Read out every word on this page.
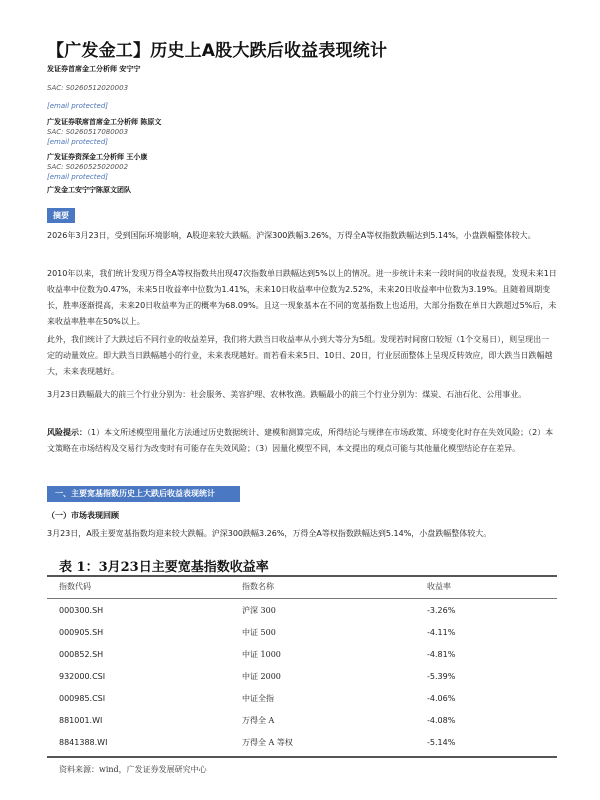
【广发金工】历史上A股大跌后收益表现统计
发证券首席金工分析师 安宁宁
SAC: S0260512020003
[email protected]
广发证券联席首席金工分析师 陈原文
SAC: S0260517080003
[email protected]
广发证券资深金工分析师 王小康
SAC: S0260525020002
[email protected]
广发金工安宁宁陈原文团队
摘要
2026年3月23日，受到国际环境影响，A股迎来较大跌幅。沪深300跌幅3.26%，万得全A等权指数跌幅达到5.14%，小盘跌幅整体较大。
2010年以来，我们统计发现万得全A等权指数共出现47次指数单日跌幅达到5%以上的情况。进一步统计未来一段时间的收益表现，发现未来1日收益率中位数为0.47%，未来5日收益率中位数为1.41%，未来10日收益率中位数为2.52%，未来20日收益率中位数为3.19%。且随着周期变长，胜率逐渐提高，未来20日收益率为正的概率为68.09%。且这一现象基本在不同的宽基指数上也适用，大部分指数在单日大跌超过5%后，未来收益率胜率在50%以上。
此外，我们统计了大跌过后不同行业的收益差异，我们将大跌当日收益率从小到大等分为5组。发现若时间窗口较短（1个交易日），则呈现出一定的动量效应。即大跌当日跌幅越小的行业，未来表现越好。而若看未来5日、10日、20日，行业层面整体上呈现反转效应，即大跌当日跌幅越大，未来表现越好。
3月23日跌幅最大的前三个行业分别为：社会服务、美容护理、农林牧渔。跌幅最小的前三个行业分别为：煤炭、石油石化、公用事业。
风险提示：（1）本文所述模型用量化方法通过历史数据统计、建模和测算完成，所得结论与规律在市场政策、环境变化时存在失效风险；（2）本文策略在市场结构及交易行为改变时有可能存在失效风险；（3）因量化模型不同，本文提出的观点可能与其他量化模型结论存在差异。
一、主要宽基指数历史上大跌后收益表现统计
（一）市场表现回顾
3月23日，A股主要宽基指数均迎来较大跌幅。沪深300跌幅3.26%，万得全A等权指数跌幅达到5.14%，小盘跌幅整体较大。
表 1：3月23日主要宽基指数收益率
指数代码	指数名称	收益率
000300.SH	沪深 300	-3.26%
000905.SH	中证 500	-4.11%
000852.SH	中证 1000	-4.81%
932000.CSI	中证 2000	-5.39%
000985.CSI	中证全指	-4.06%
881001.WI	万得全 A	-4.08%
8841388.WI	万得全 A 等权	-5.14%
资料来源：wind，广发证券发展研究中心
